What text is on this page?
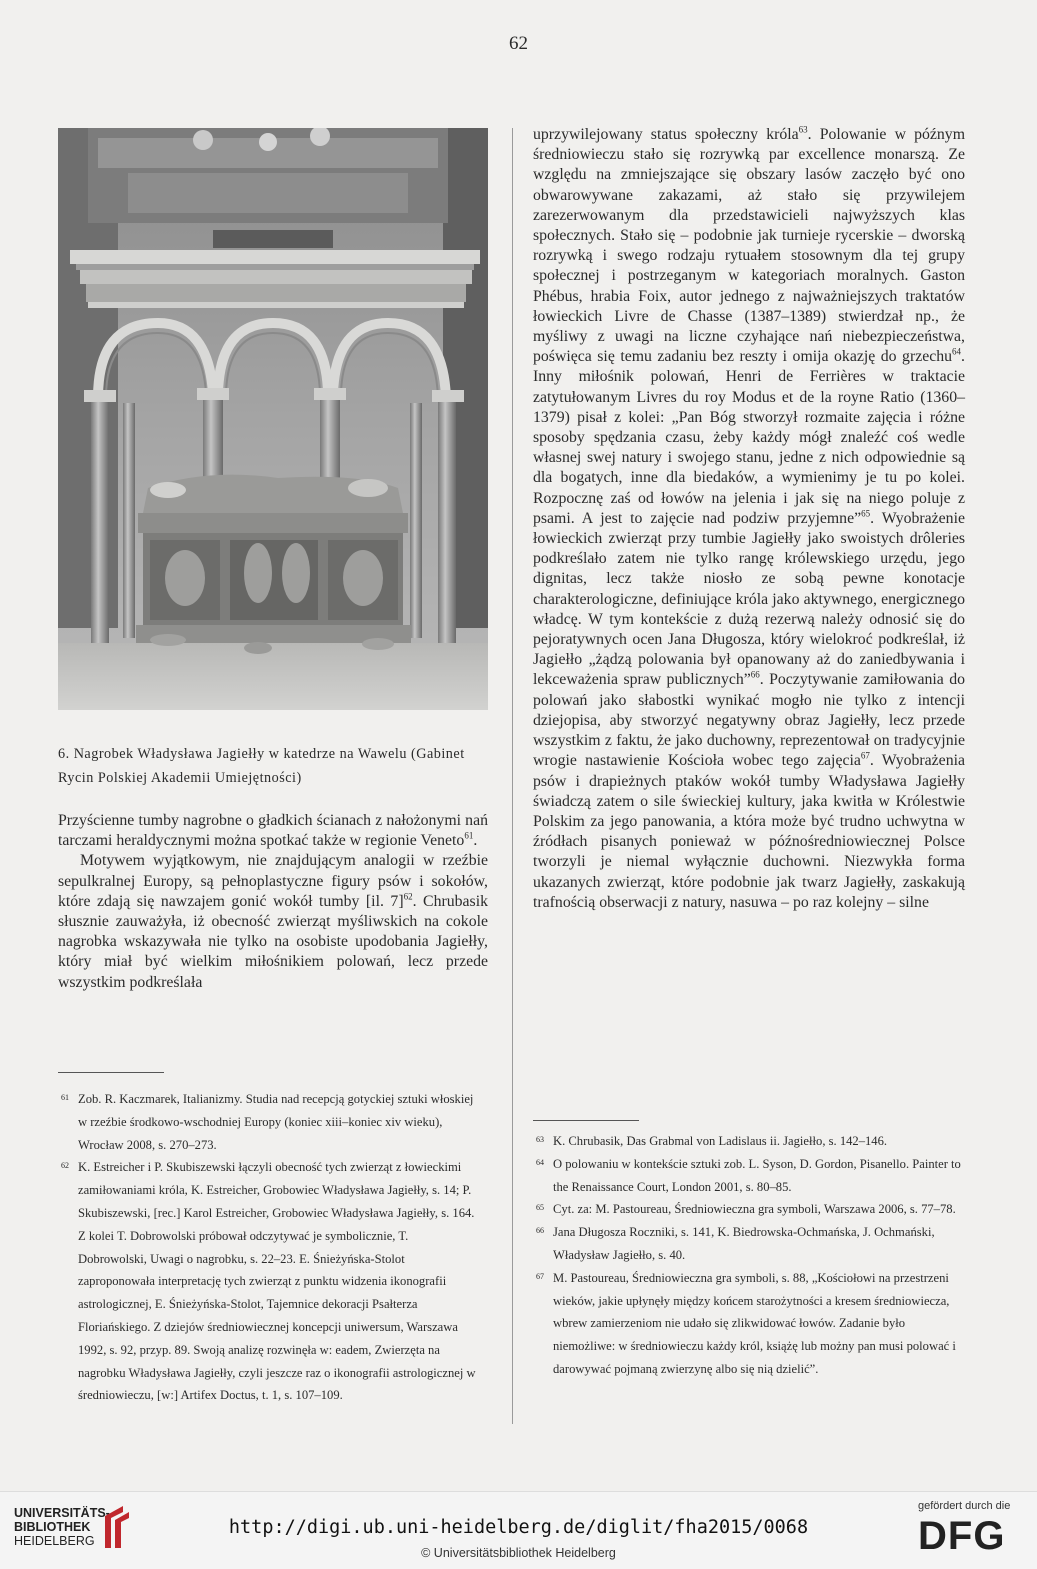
62
6. Nagrobek Władysława Jagiełły w katedrze na Wawelu (Gabinet Rycin Polskiej Akademii Umiejętności)

Przyścienne tumby nagrobne o gładkich ścianach z nałożonymi nań tarczami heraldycznymi można spotkać także w regionie Veneto$^{61}$.

Motywem wyjątkowym, nie znajdującym analogii w rzeźbie sepulkralnej Europy, są pełnoplastyczne figury psów i sokołów, które zdają się nawzajem gonić wokół tumby [il. 7]$^{62}$. Chrubasik słusznie zauważyła, iż obecność zwierząt myśliwskich na cokole nagrobka wskazywała nie tylko na osobiste upodobania Jagiełły, który miał być wielkim miłośnikiem polowań, lecz przede wszystkim podkreślała

uprzywilejowany status społeczny króla$^{63}$. Polowanie w późnym średniowieczu stało się rozrywką par excellence monarszą. Ze względu na zmniejszające się obszary lasów zaczęło być ono obwarowywane zakazami, aż stało się przywilejem zarezerwowanym dla przedstawicieli najwyższych klas społecznych. Stało się – podobnie jak turnieje rycerskie – dworską rozrywką i swego rodzaju rytuałem stosownym dla tej grupy społecznej i postrzeganym w kategoriach moralnych. Gaston Phébus, hrabia Foix, autor jednego z najważniejszych traktatów łowieckich Livre de Chasse (1387–1389) stwierdzał np., że myśliwy z uwagi na liczne czyhające nań niebezpieczeństwa, poświęca się temu zadaniu bez reszty i omija okazję do grzechu$^{64}$. Inny miłośnik polowań, Henri de Ferrières w traktacie zatytułowanym Livres du roy Modus et de la royne Ratio (1360–1379) pisał z kolei: „Pan Bóg stworzył rozmaite zajęcia i różne sposoby spędzania czasu, żeby każdy mógł znaleźć coś wedle własnej swej natury i swojego stanu, jedne z nich odpowiednie są dla bogatych, inne dla biedaków, a wymienimy je tu po kolei. Rozpocznę zaś od łowów na jelenia i jak się na niego poluje z psami. A jest to zajęcie nad podziw przyjemne”$^{65}$. Wyobrażenie łowieckich zwierząt przy tumbie Jagiełły jako swoistych drôleries podkreślało zatem nie tylko rangę królewskiego urzędu, jego dignitas, lecz także niosło ze sobą pewne konotacje charakterologiczne, definiujące króla jako aktywnego, energicznego władcę. W tym kontekście z dużą rezerwą należy odnosić się do pejoratywnych ocen Jana Długosza, który wielokroć podkreślał, iż Jagiełło „żądzą polowania był opanowany aż do zaniedbywania i lekceważenia spraw publicznych”$^{66}$. Poczytywanie zamiłowania do polowań jako słabostki wynikać mogło nie tylko z intencji dziejopisa, aby stworzyć negatywny obraz Jagiełły, lecz przede wszystkim z faktu, że jako duchowny, reprezentował on tradycyjnie wrogie nastawienie Kościoła wobec tego zajęcia$^{67}$. Wyobrażenia psów i drapieżnych ptaków wokół tumby Władysława Jagiełły świadczą zatem o sile świeckiej kultury, jaka kwitła w Królestwie Polskim za jego panowania, a która może być trudno uchwytna w źródłach pisanych ponieważ w późnośredniowiecznej Polsce tworzyli je niemal wyłącznie duchowni. Niezwykła forma ukazanych zwierząt, które podobnie jak twarz Jagiełły, zaskakują trafnością obserwacji z natury, nasuwa – po raz kolejny – silne

61 Zob. R. Kaczmarek, Italianizmy. Studia nad recepcją gotyckiej sztuki włoskiej w rzeźbie środkowo-wschodniej Europy (koniec xiii–koniec xiv wieku), Wrocław 2008, s. 270–273.
62 K. Estreicher i P. Skubiszewski łączyli obecność tych zwierząt z łowieckimi zamiłowaniami króla, K. Estreicher, Grobowiec Władysława Jagiełły, s. 14; P. Skubiszewski, [rec.] Karol Estreicher, Grobowiec Władysława Jagiełły, s. 164. Z kolei T. Dobrowolski próbował odczytywać je symbolicznie, T. Dobrowolski, Uwagi o nagrobku, s. 22–23. E. Śnieżyńska-Stolot zaproponowała interpretację tych zwierząt z punktu widzenia ikonografii astrologicznej, E. Śnieżyńska-Stolot, Tajemnice dekoracji Psałterza Floriańskiego. Z dziejów średniowiecznej koncepcji uniwersum, Warszawa 1992, s. 92, przyp. 89. Swoją analizę rozwinęła w: eadem, Zwierzęta na nagrobku Władysława Jagiełły, czyli jeszcze raz o ikonografii astrologicznej w średniowieczu, [w:] Artifex Doctus, t. 1, s. 107–109.
63 K. Chrubasik, Das Grabmal von Ladislaus ii. Jagiełło, s. 142–146.
64 O polowaniu w kontekście sztuki zob. L. Syson, D. Gordon, Pisanello. Painter to the Renaissance Court, London 2001, s. 80–85.
65 Cyt. za: M. Pastoureau, Średniowieczna gra symboli, Warszawa 2006, s. 77–78.
66 Jana Długosza Roczniki, s. 141, K. Biedrowska-Ochmańska, J. Ochmański, Władysław Jagiełło, s. 40.
67 M. Pastoureau, Średniowieczna gra symboli, s. 88, „Kościołowi na przestrzeni wieków, jakie upłynęły między końcem starożytności a kresem średniowiecza, wbrew zamierzeniom nie udało się zlikwidować łowów. Zadanie było niemożliwe: w średniowieczu każdy król, książę lub możny pan musi polować i darowywać pojmaną zwierzynę albo się nią dzielić”.
UNIVERSITÄTS-
BIBLIOTHEK
HEIDELBERG
http://digi.ub.uni-heidelberg.de/diglit/fha2015/0068
© Universitätsbibliothek Heidelberg
gefördert durch die
DFG
